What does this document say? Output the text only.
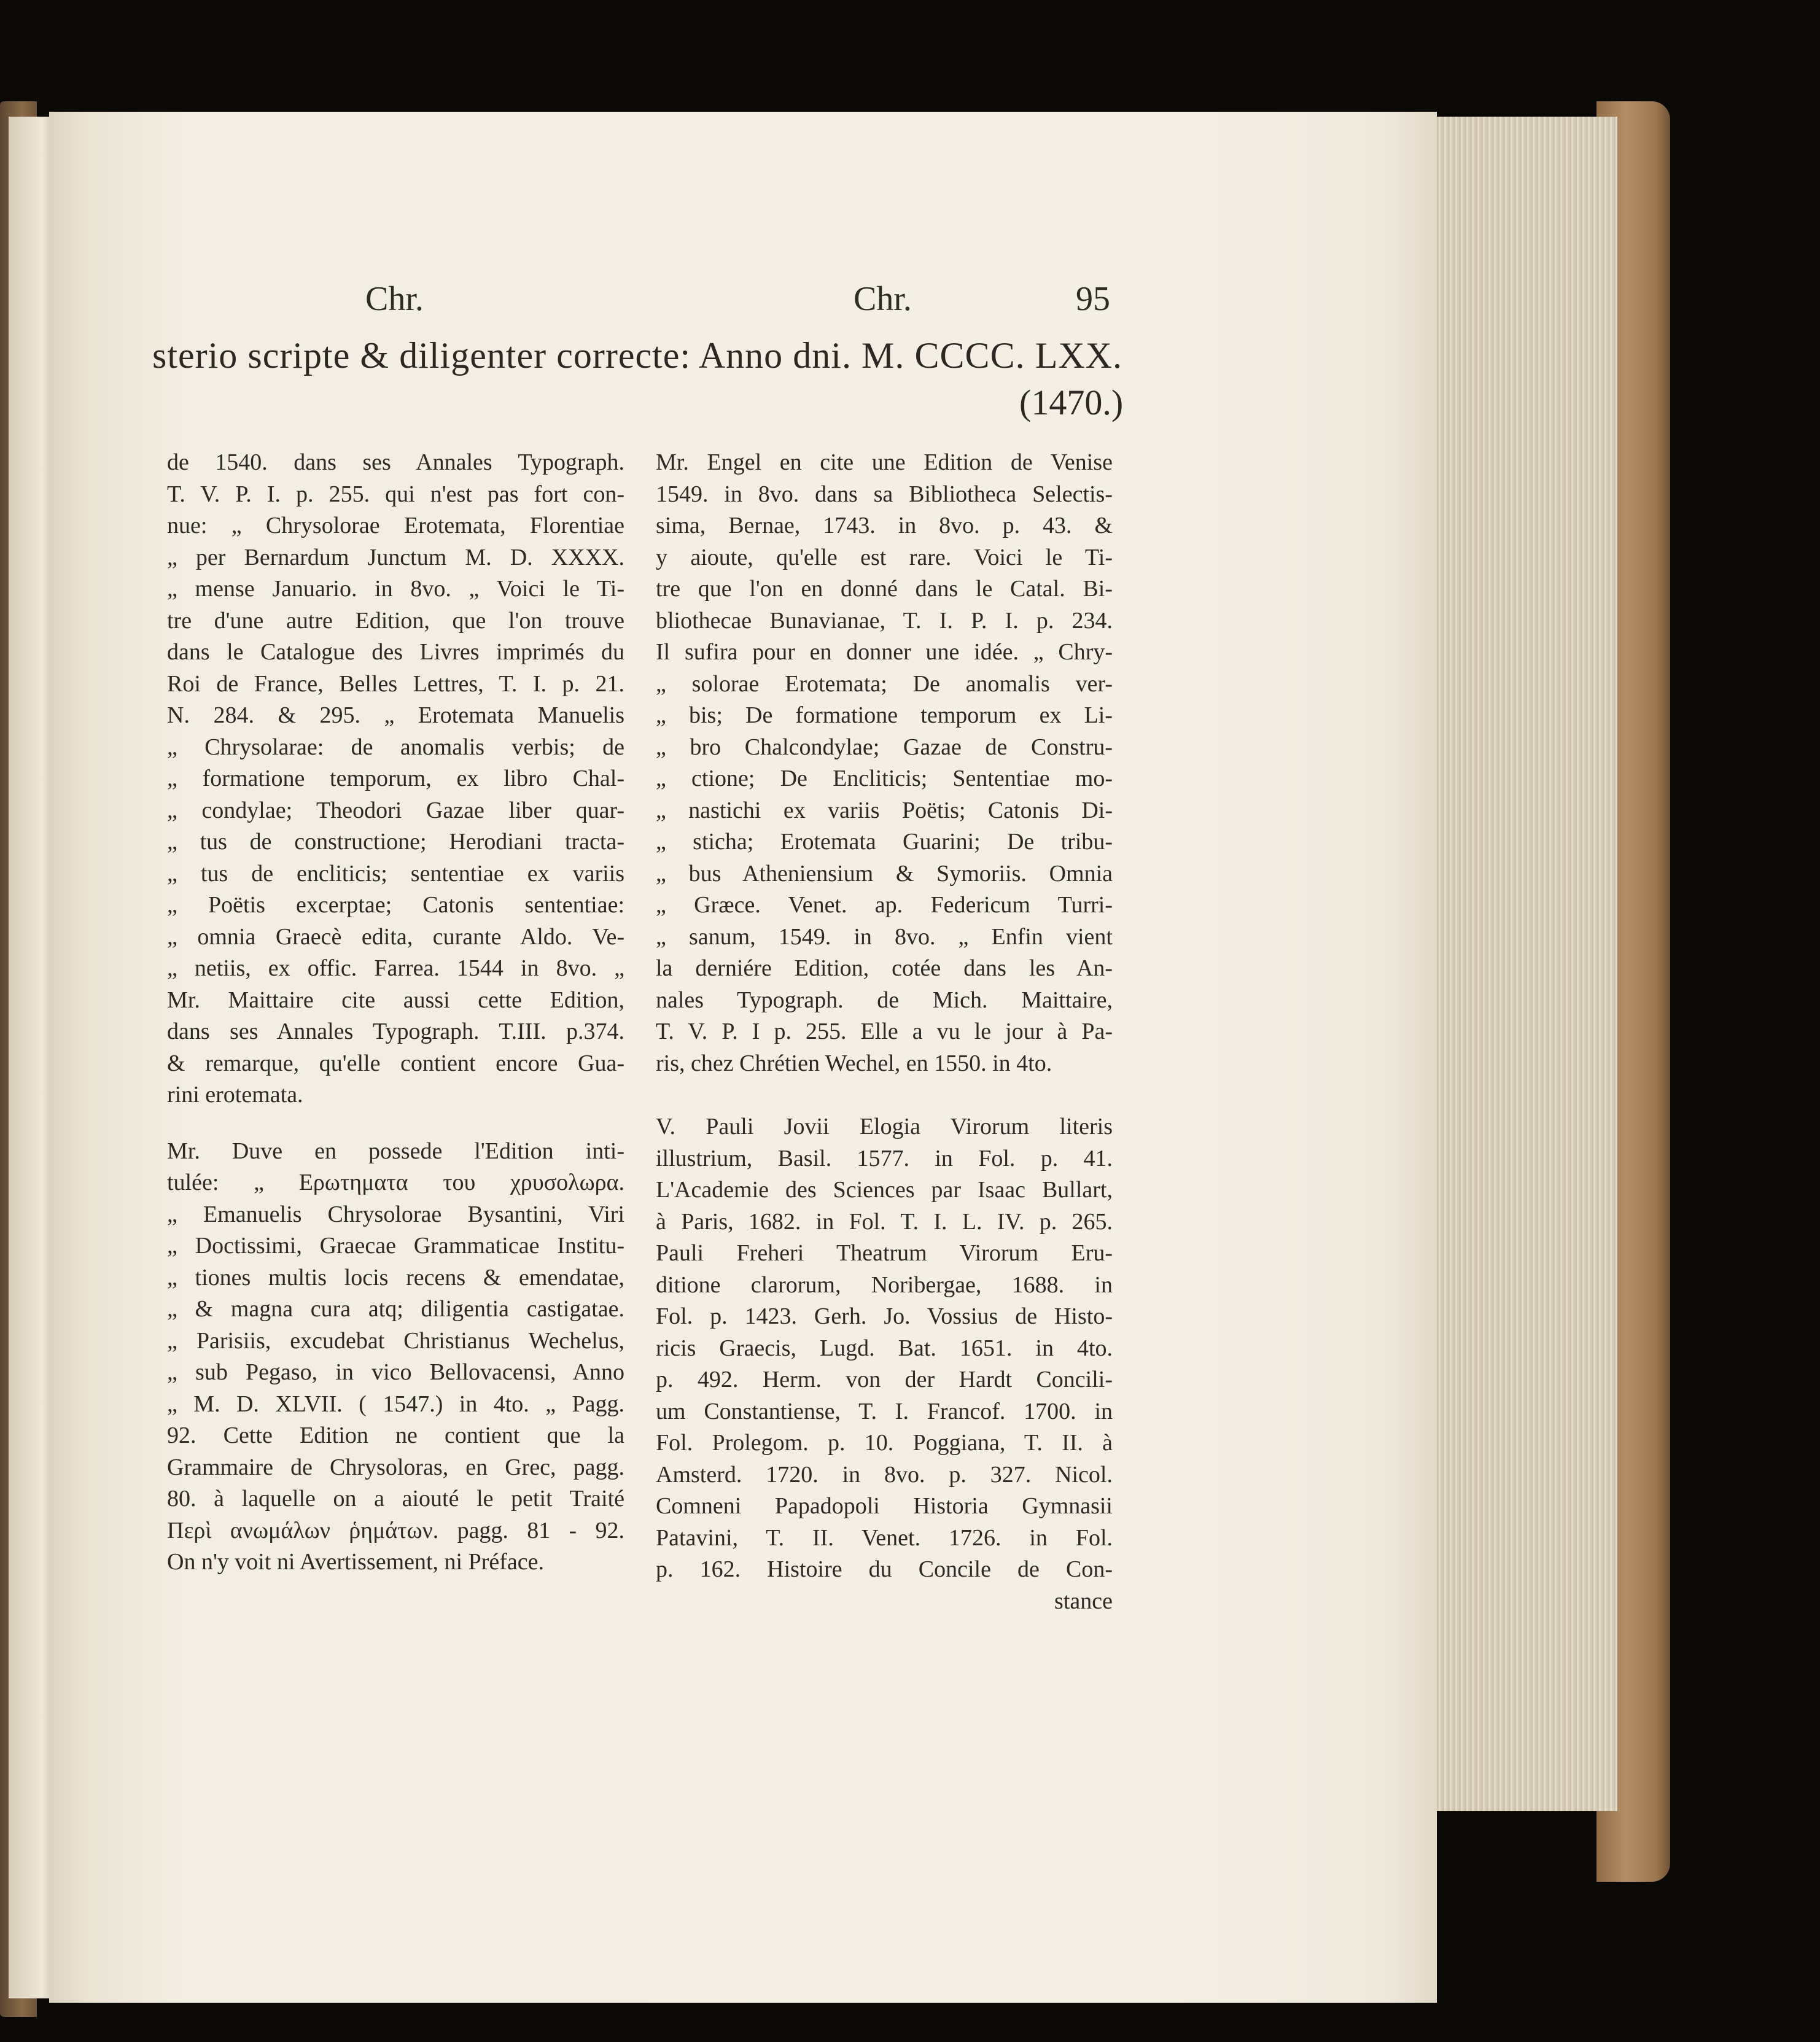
Chr.	Chr.	95
sterio scripte & diligenter correcte: Anno dni. M. CCCC. LXX.
(1470.)
de 1540. dans ses Annales Typograph.
T. V. P. I. p. 255. qui n'est pas fort con-
nue: „ Chrysolorae Erotemata, Florentiae
„ per Bernardum Junctum M. D. XXXX.
„ mense Januario. in 8vo. „ Voici le Ti-
tre d'une autre Edition, que l'on trouve
dans le Catalogue des Livres imprimés du
Roi de France, Belles Lettres, T. I. p. 21.
N. 284. & 295. „ Erotemata Manuelis
„ Chrysolarae: de anomalis verbis; de
„ formatione temporum, ex libro Chal-
„ condylae; Theodori Gazae liber quar-
„ tus de constructione; Herodiani tracta-
„ tus de encliticis; sententiae ex variis
„ Poëtis excerptae; Catonis sententiae:
„ omnia Graecè edita, curante Aldo. Ve-
„ netiis, ex offic. Farrea. 1544 in 8vo. „
Mr. Maittaire cite aussi cette Edition,
dans ses Annales Typograph. T.III. p.374.
& remarque, qu'elle contient encore Gua-
rini erotemata.
Mr. Duve en possede l'Edition inti-
tulée: „ Ερωτηματα του χρυσολωρα.
„ Emanuelis Chrysolorae Bysantini, Viri
„ Doctissimi, Graecae Grammaticae Institu-
„ tiones multis locis recens & emendatae,
„ & magna cura atq; diligentia castigatae.
„ Parisiis, excudebat Christianus Wechelus,
„ sub Pegaso, in vico Bellovacensi, Anno
„ M. D. XLVII. ( 1547.) in 4to. „ Pagg.
92. Cette Edition ne contient que la
Grammaire de Chrysoloras, en Grec, pagg.
80. à laquelle on a aiouté le petit Traité
Περὶ ανωμάλων ῥημάτων. pagg. 81 - 92.
On n'y voit ni Avertissement, ni Préface.
Mr. Engel en cite une Edition de Venise
1549. in 8vo. dans sa Bibliotheca Selectis-
sima, Bernae, 1743. in 8vo. p. 43. &
y aioute, qu'elle est rare. Voici le Ti-
tre que l'on en donné dans le Catal. Bi-
bliothecae Bunavianae, T. I. P. I. p. 234.
Il sufira pour en donner une idée. „ Chry-
„ solorae Erotemata; De anomalis ver-
„ bis; De formatione temporum ex Li-
„ bro Chalcondylae; Gazae de Constru-
„ ctione; De Encliticis; Sententiae mo-
„ nastichi ex variis Poëtis; Catonis Di-
„ sticha; Erotemata Guarini; De tribu-
„ bus Atheniensium & Symoriis. Omnia
„ Græce. Venet. ap. Federicum Turri-
„ sanum, 1549. in 8vo. „ Enfin vient
la derniére Edition, cotée dans les An-
nales Typograph. de Mich. Maittaire,
T. V. P. I p. 255. Elle a vu le jour à Pa-
ris, chez Chrétien Wechel, en 1550. in 4to.
V. Pauli Jovii Elogia Virorum literis
illustrium, Basil. 1577. in Fol. p. 41.
L'Academie des Sciences par Isaac Bullart,
à Paris, 1682. in Fol. T. I. L. IV. p. 265.
Pauli Freheri Theatrum Virorum Eru-
ditione clarorum, Noribergae, 1688. in
Fol. p. 1423. Gerh. Jo. Vossius de Histo-
ricis Graecis, Lugd. Bat. 1651. in 4to.
p. 492. Herm. von der Hardt Concili-
um Constantiense, T. I. Francof. 1700. in
Fol. Prolegom. p. 10. Poggiana, T. II. à
Amsterd. 1720. in 8vo. p. 327. Nicol.
Comneni Papadopoli Historia Gymnasii
Patavini, T. II. Venet. 1726. in Fol.
p. 162. Histoire du Concile de Con-
stance
